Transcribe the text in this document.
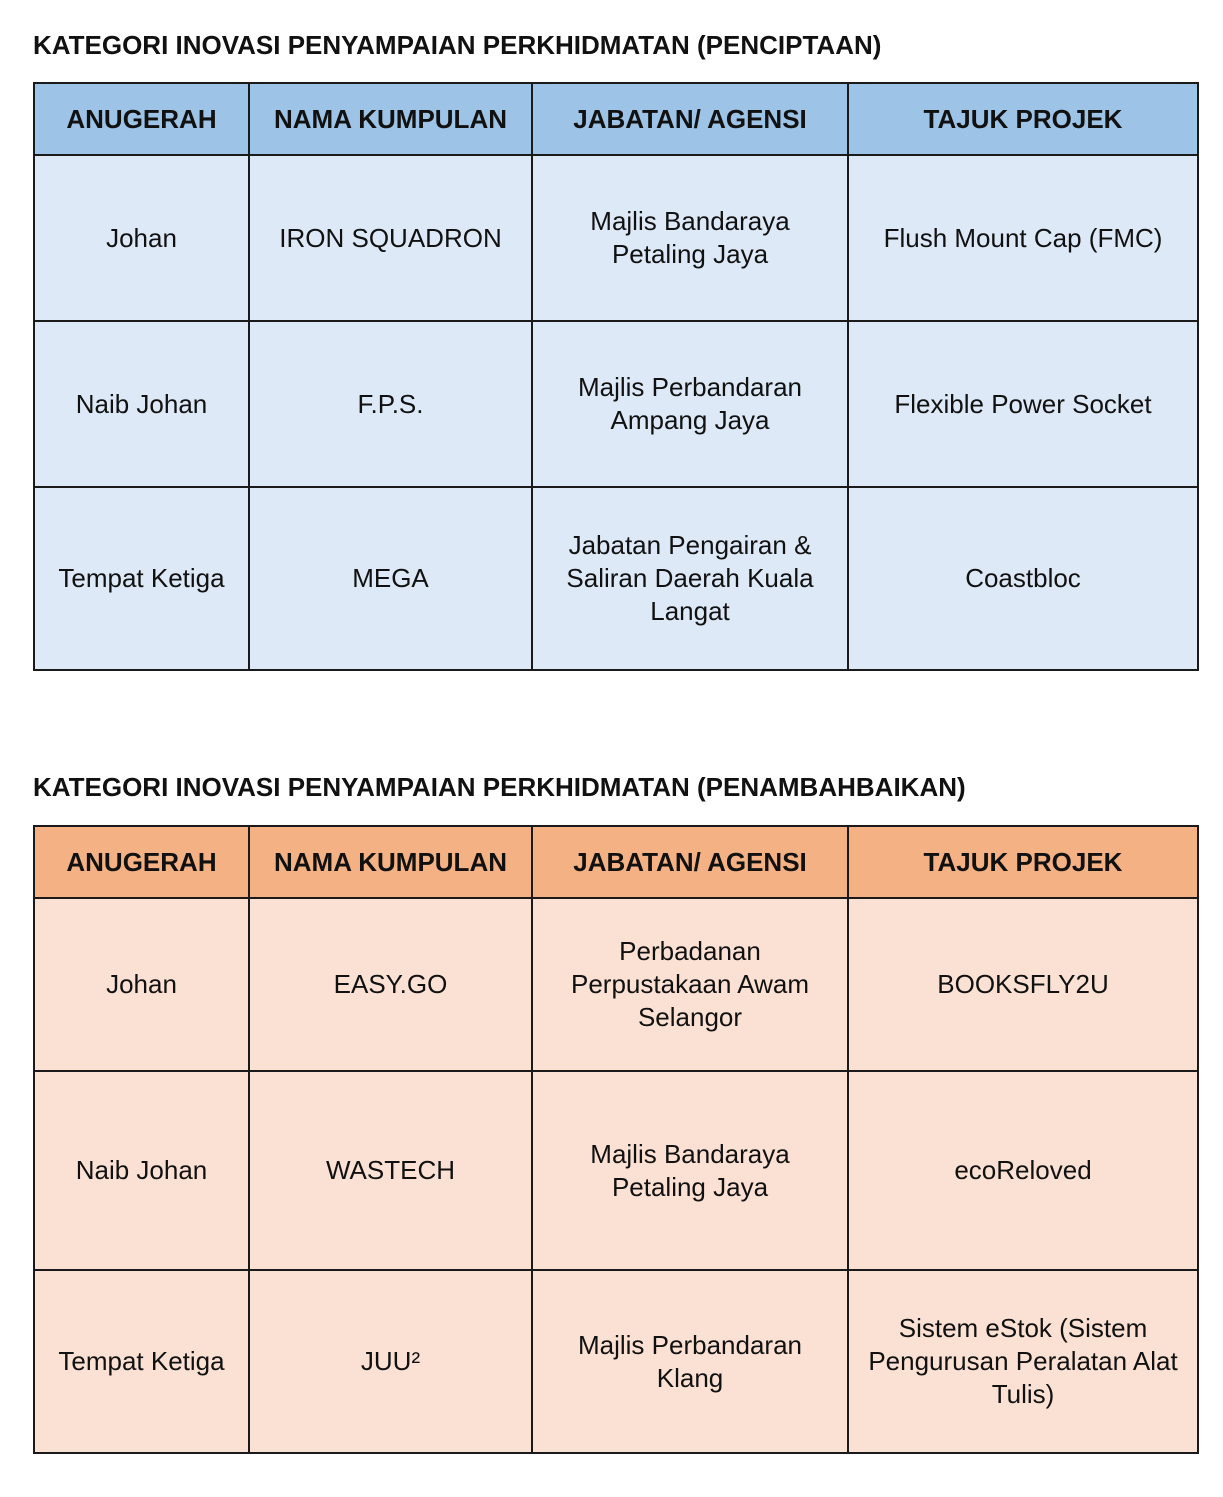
KATEGORI INOVASI PENYAMPAIAN PERKHIDMATAN (PENCIPTAAN)
ANUGERAH	NAMA KUMPULAN	JABATAN/ AGENSI	TAJUK PROJEK
Johan	IRON SQUADRON	Majlis Bandaraya Petaling Jaya	Flush Mount Cap (FMC)
Naib Johan	F.P.S.	Majlis Perbandaran Ampang Jaya	Flexible Power Socket
Tempat Ketiga	MEGA	Jabatan Pengairan & Saliran Daerah Kuala Langat	Coastbloc
KATEGORI INOVASI PENYAMPAIAN PERKHIDMATAN (PENAMBAHBAIKAN)
ANUGERAH	NAMA KUMPULAN	JABATAN/ AGENSI	TAJUK PROJEK
Johan	EASY.GO	Perbadanan Perpustakaan Awam Selangor	BOOKSFLY2U
Naib Johan	WASTECH	Majlis Bandaraya Petaling Jaya	ecoReloved
Tempat Ketiga	JUU²	Majlis Perbandaran Klang	Sistem eStok (Sistem Pengurusan Peralatan Alat Tulis)
